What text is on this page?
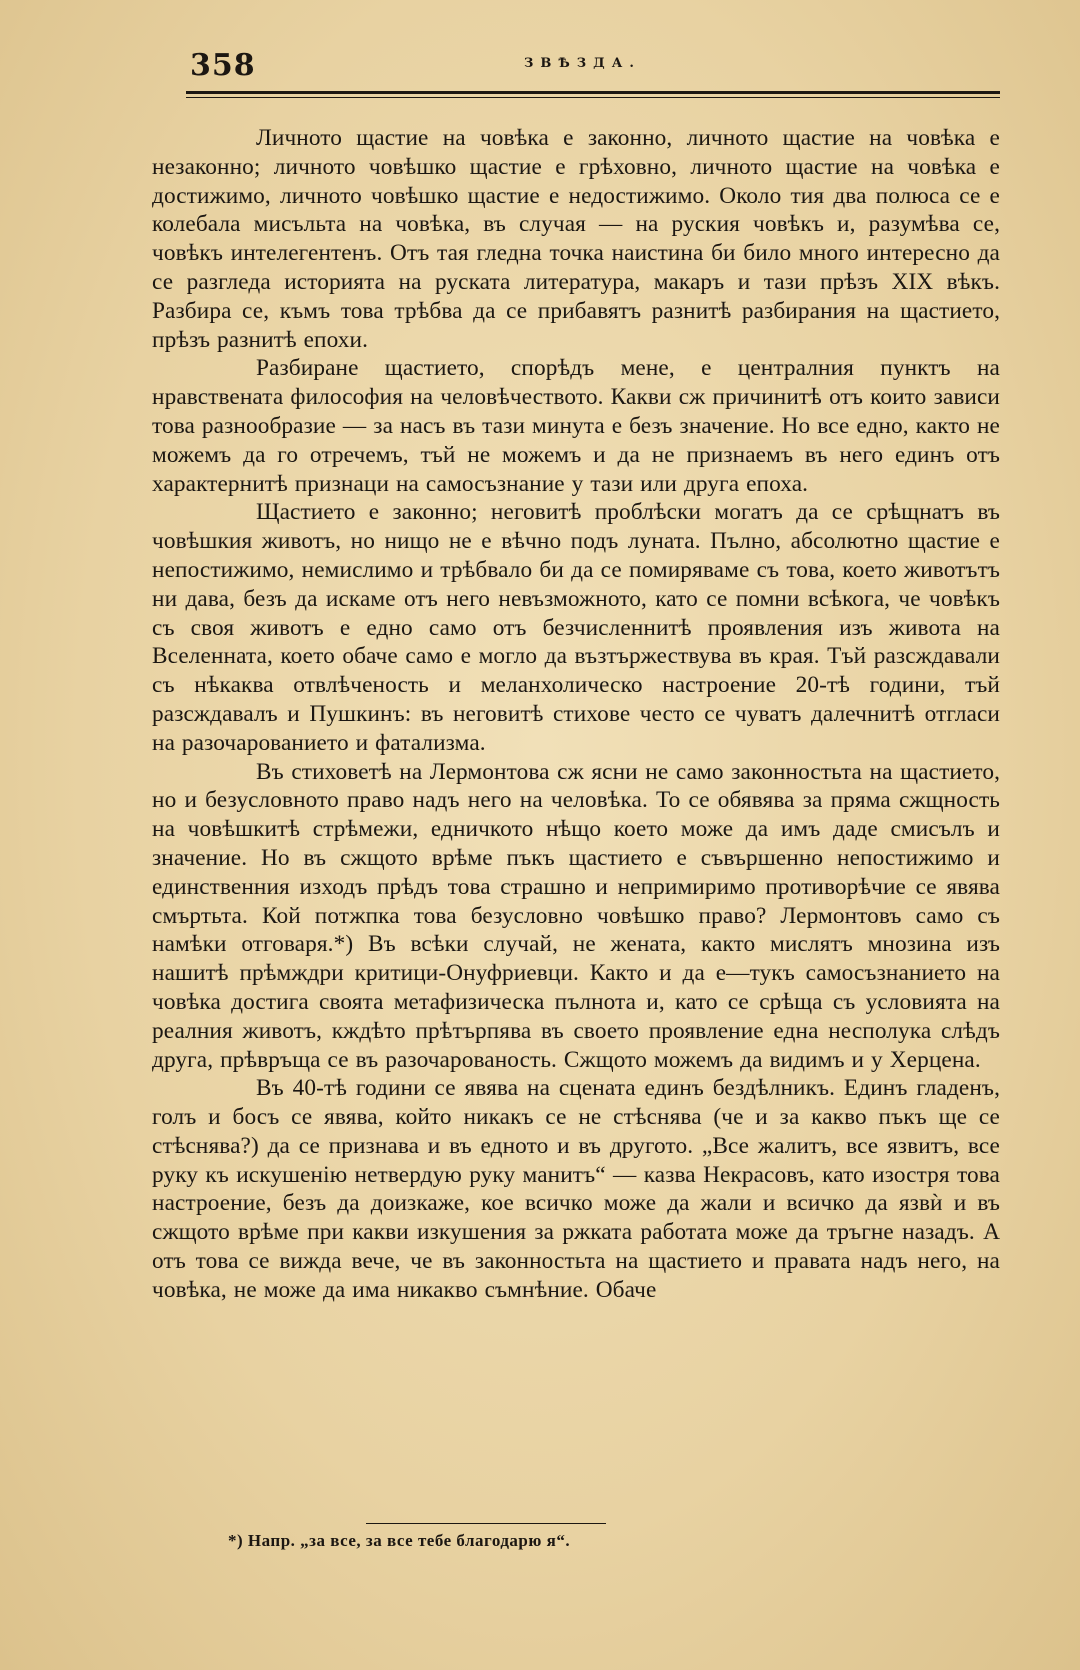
358	ЗВѢЗДА.

Личното щастие на човѣка е законно, личното щастие на човѣка е незаконно; личното човѣшко щастие е грѣховно, личното щастие на човѣка е достижимо, личното човѣшко щастие е недостижимо. Около тия два полюса се е колебала мисъльта на човѣка, въ случая — на руския човѣкъ и, разумѣва се, човѣкъ интелегентенъ. Отъ тая гледна точка наистина би било много интересно да се разгледа историята на руската литература, макаръ и тази прѣзъ XIX вѣкъ. Разбира се, къмъ това трѣбва да се прибавятъ разнитѣ разбирания на щастието, прѣзъ разнитѣ епохи.

Разбиране щастието, спорѣдъ мене, е централния пунктъ на нравствената философия на человѣчеството. Какви сж причинитѣ отъ които зависи това разнообразие — за насъ въ тази минута е безъ значение. Но все едно, както не можемъ да го отречемъ, тъй не можемъ и да не признаемъ въ него единъ отъ характернитѣ признаци на самосъзнание у тази или друга епоха.

Щастието е законно; неговитѣ проблѣски могатъ да се срѣщнатъ въ човѣшкия животъ, но нищо не е вѣчно подъ луната. Пълно, абсолютно щастие е непостижимо, немислимо и трѣбвало би да се помиряваме съ това, което животътъ ни дава, безъ да искаме отъ него невъзможното, като се помни всѣкога, че човѣкъ съ своя животъ е едно само отъ безчисленнитѣ проявления изъ живота на Вселенната, което обаче само е могло да възтържествува въ края. Тъй разсждавали съ нѣкаква отвлѣченость и меланхолическо настроение 20-тѣ години, тъй разсждавалъ и Пушкинъ: въ неговитѣ стихове често се чуватъ далечнитѣ отгласи на разочарованието и фатализма.

Въ стиховетѣ на Лермонтова сж ясни не само законностьта на щастието, но и безусловното право надъ него на человѣка. То се обявява за пряма сжщность на човѣшкитѣ стрѣмежи, едничкото нѣщо което може да имъ даде смисълъ и значение. Но въ сжщото врѣме пъкъ щастието е съвършенно непостижимо и единственния изходъ прѣдъ това страшно и непримиримо противорѣчие се явява смъртьта. Кой потжпка това безусловно човѣшко право? Лермонтовъ само съ намѣки отговаря.*) Въ всѣки случай, не жената, както мислятъ мнозина изъ нашитѣ прѣмждри критици-Онуфриевци. Както и да е—тукъ самосъзнанието на човѣка достига своята метафизическа пълнота и, като се срѣща съ условията на реалния животъ, кждѣто прѣтърпява въ своето проявление една несполука слѣдъ друга, прѣвръща се въ разочарованость. Сжщото можемъ да видимъ и у Херцена.

Въ 40-тѣ години се явява на сцената единъ бездѣлникъ. Единъ гладенъ, голъ и босъ се явява, който никакъ се не стѣснява (че и за какво пъкъ ще се стѣснява?) да се признава и въ едното и въ другото. „Все жалитъ, все язвитъ, все руку къ искушенію нетвердую руку манитъ“ — казва Некрасовъ, като изостря това настроение, безъ да доизкаже, кое всичко може да жали и всичко да язвѝ и въ сжщото врѣме при какви изкушения за ржката работата може да тръгне назадъ. А отъ това се вижда вече, че въ законностьта на щастието и правата надъ него, на човѣка, не може да има никакво съмнѣние. Обаче

*) Напр. „за все, за все тебе благодарю я“.
